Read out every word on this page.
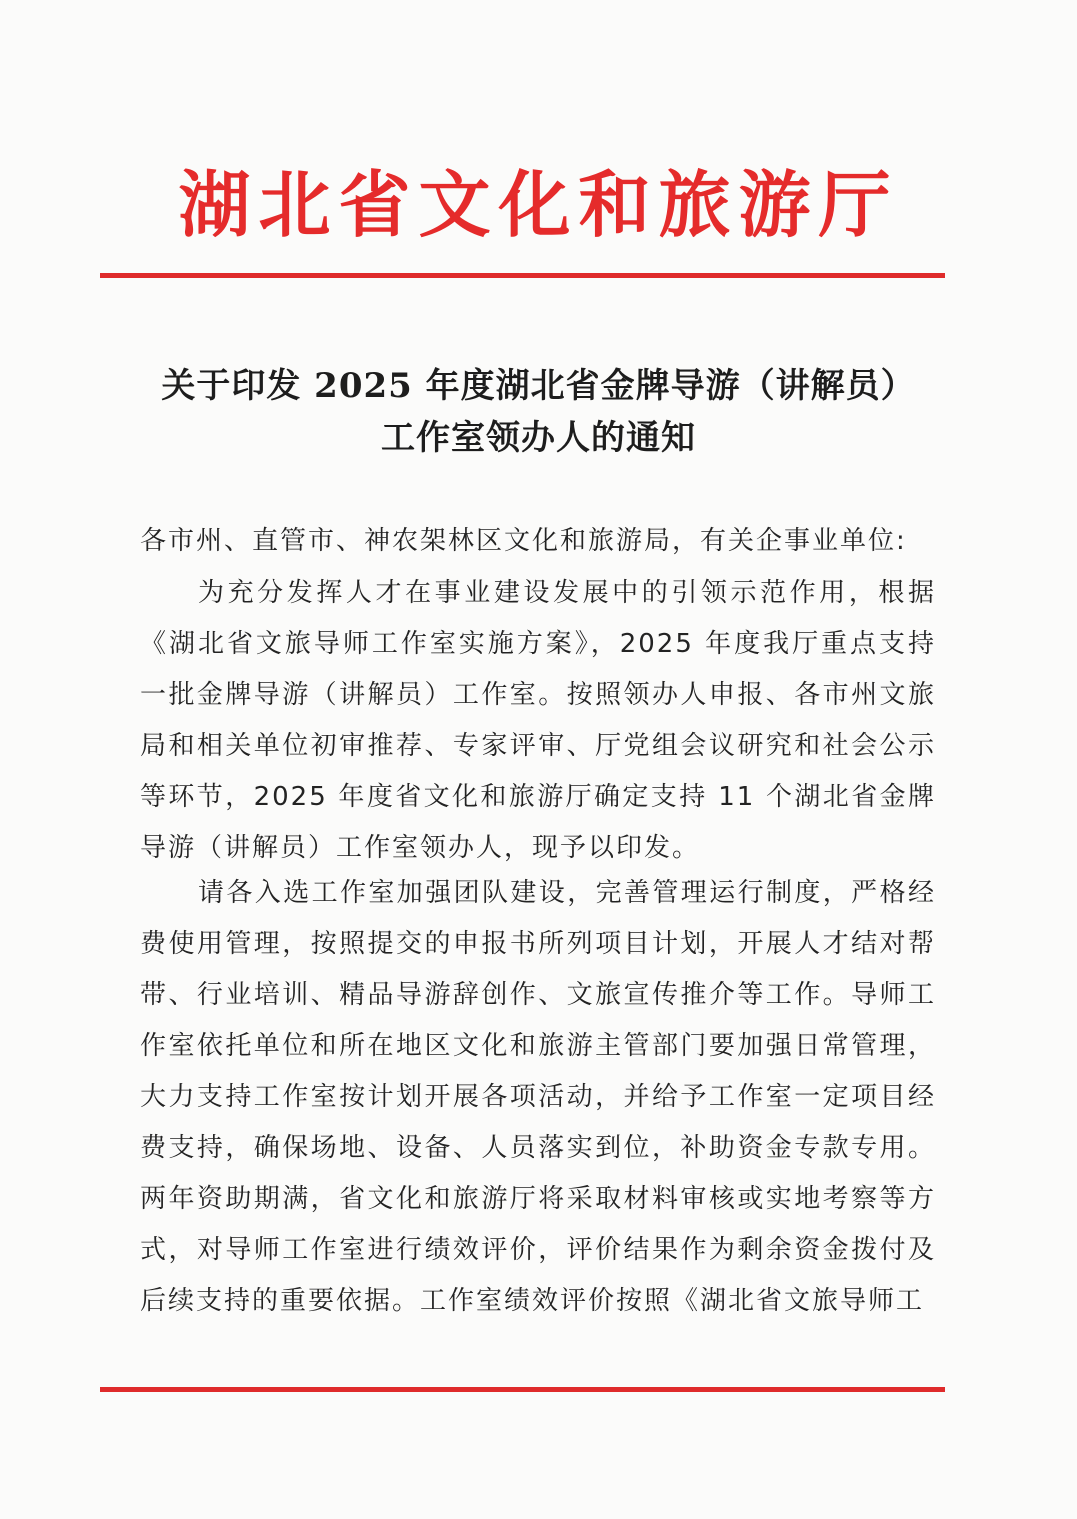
湖北省文化和旅游厅
关于印发 2025 年度湖北省金牌导游（讲解员）
工作室领办人的通知
各市州、直管市、神农架林区文化和旅游局，有关企事业单位:
为充分发挥人才在事业建设发展中的引领示范作用，根据《湖北省文旅导师工作室实施方案》，2025 年度我厅重点支持一批金牌导游（讲解员）工作室。按照领办人申报、各市州文旅局和相关单位初审推荐、专家评审、厅党组会议研究和社会公示等环节，2025 年度省文化和旅游厅确定支持 11 个湖北省金牌导游（讲解员）工作室领办人，现予以印发。
请各入选工作室加强团队建设，完善管理运行制度，严格经费使用管理，按照提交的申报书所列项目计划，开展人才结对帮带、行业培训、精品导游辞创作、文旅宣传推介等工作。导师工作室依托单位和所在地区文化和旅游主管部门要加强日常管理，大力支持工作室按计划开展各项活动，并给予工作室一定项目经费支持，确保场地、设备、人员落实到位，补助资金专款专用。两年资助期满，省文化和旅游厅将采取材料审核或实地考察等方式，对导师工作室进行绩效评价，评价结果作为剩余资金拨付及后续支持的重要依据。工作室绩效评价按照《湖北省文旅导师工
